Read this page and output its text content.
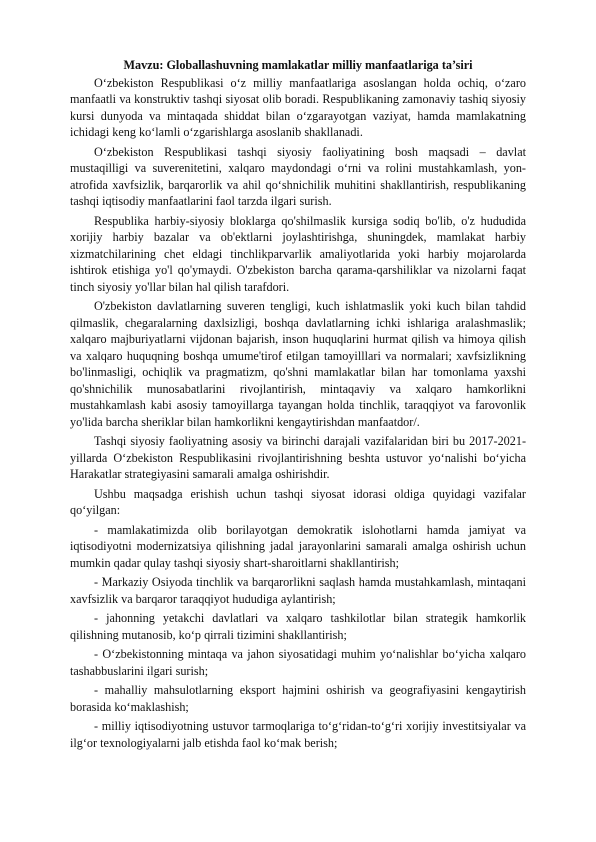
Mavzu: Globallashuvning mamlakatlar milliy manfaatlariga ta’siri

O‘zbekiston Respublikasi o‘z milliy manfaatlariga asoslangan holda ochiq, o‘zaro manfaatli va konstruktiv tashqi siyosat olib boradi. Respublikaning zamonaviy tashiq siyosiy kursi dunyoda va mintaqada shiddat bilan o‘zgarayotgan vaziyat, hamda mamlakatning ichidagi keng ko‘lamli o‘zgarishlarga asoslanib shakllanadi.

O‘zbekiston Respublikasi tashqi siyosiy faoliyatining bosh maqsadi – davlat mustaqilligi va suverenitetini, xalqaro maydondagi o‘rni va rolini mustahkamlash, yon-atrofida xavfsizlik, barqarorlik va ahil qo‘shnichilik muhitini shakllantirish, respublikaning tashqi iqtisodiy manfaatlarini faol tarzda ilgari surish.

Respublika harbiy-siyosiy bloklarga qo'shilmaslik kursiga sodiq bo'lib, o'z hududida xorijiy harbiy bazalar va ob'ektlarni joylashtirishga, shuningdek, mamlakat harbiy xizmatchilarining chet eldagi tinchlikparvarlik amaliyotlarida yoki harbiy mojarolarda ishtirok etishiga yo'l qo'ymaydi. O'zbekiston barcha qarama-qarshiliklar va nizolarni faqat tinch siyosiy yo'llar bilan hal qilish tarafdori.

O'zbekiston davlatlarning suveren tengligi, kuch ishlatmaslik yoki kuch bilan tahdid qilmaslik, chegaralarning daxlsizligi, boshqa davlatlarning ichki ishlariga aralashmaslik; xalqaro majburiyatlarni vijdonan bajarish, inson huquqlarini hurmat qilish va himoya qilish va xalqaro huquqning boshqa umume'tirof etilgan tamoyilllari va normalari; xavfsizlikning bo'linmasligi, ochiqlik va pragmatizm, qo'shni mamlakatlar bilan har tomonlama yaxshi qo'shnichilik munosabatlarini rivojlantirish, mintaqaviy va xalqaro hamkorlikni mustahkamlash kabi asosiy tamoyillarga tayangan holda tinchlik, taraqqiyot va farovonlik yo'lida barcha sheriklar bilan hamkorlikni kengaytirishdan manfaatdor/.

Tashqi siyosiy faoliyatning asosiy va birinchi darajali vazifalaridan biri bu 2017-2021-yillarda O‘zbekiston Respublikasini rivojlantirishning beshta ustuvor yo‘nalishi bo‘yicha Harakatlar strategiyasini samarali amalga oshirishdir.

Ushbu maqsadga erishish uchun tashqi siyosat idorasi oldiga quyidagi vazifalar qo‘yilgan:

- mamlakatimizda olib borilayotgan demokratik islohotlarni hamda jamiyat va iqtisodiyotni modernizatsiya qilishning jadal jarayonlarini samarali amalga oshirish uchun mumkin qadar qulay tashqi siyosiy shart-sharoitlarni shakllantirish;

- Markaziy Osiyoda tinchlik va barqarorlikni saqlash hamda mustahkamlash, mintaqani xavfsizlik va barqaror taraqqiyot hududiga aylantirish;

- jahonning yetakchi davlatlari va xalqaro tashkilotlar bilan strategik hamkorlik qilishning mutanosib, ko‘p qirrali tizimini shakllantirish;

- O‘zbekistonning mintaqa va jahon siyosatidagi muhim yo‘nalishlar bo‘yicha xalqaro tashabbuslarini ilgari surish;

- mahalliy mahsulotlarning eksport hajmini oshirish va geografiyasini kengaytirish borasida ko‘maklashish;

- milliy iqtisodiyotning ustuvor tarmoqlariga to‘g‘ridan-to‘g‘ri xorijiy investitsiyalar va ilg‘or texnologiyalarni jalb etishda faol ko‘mak berish;
